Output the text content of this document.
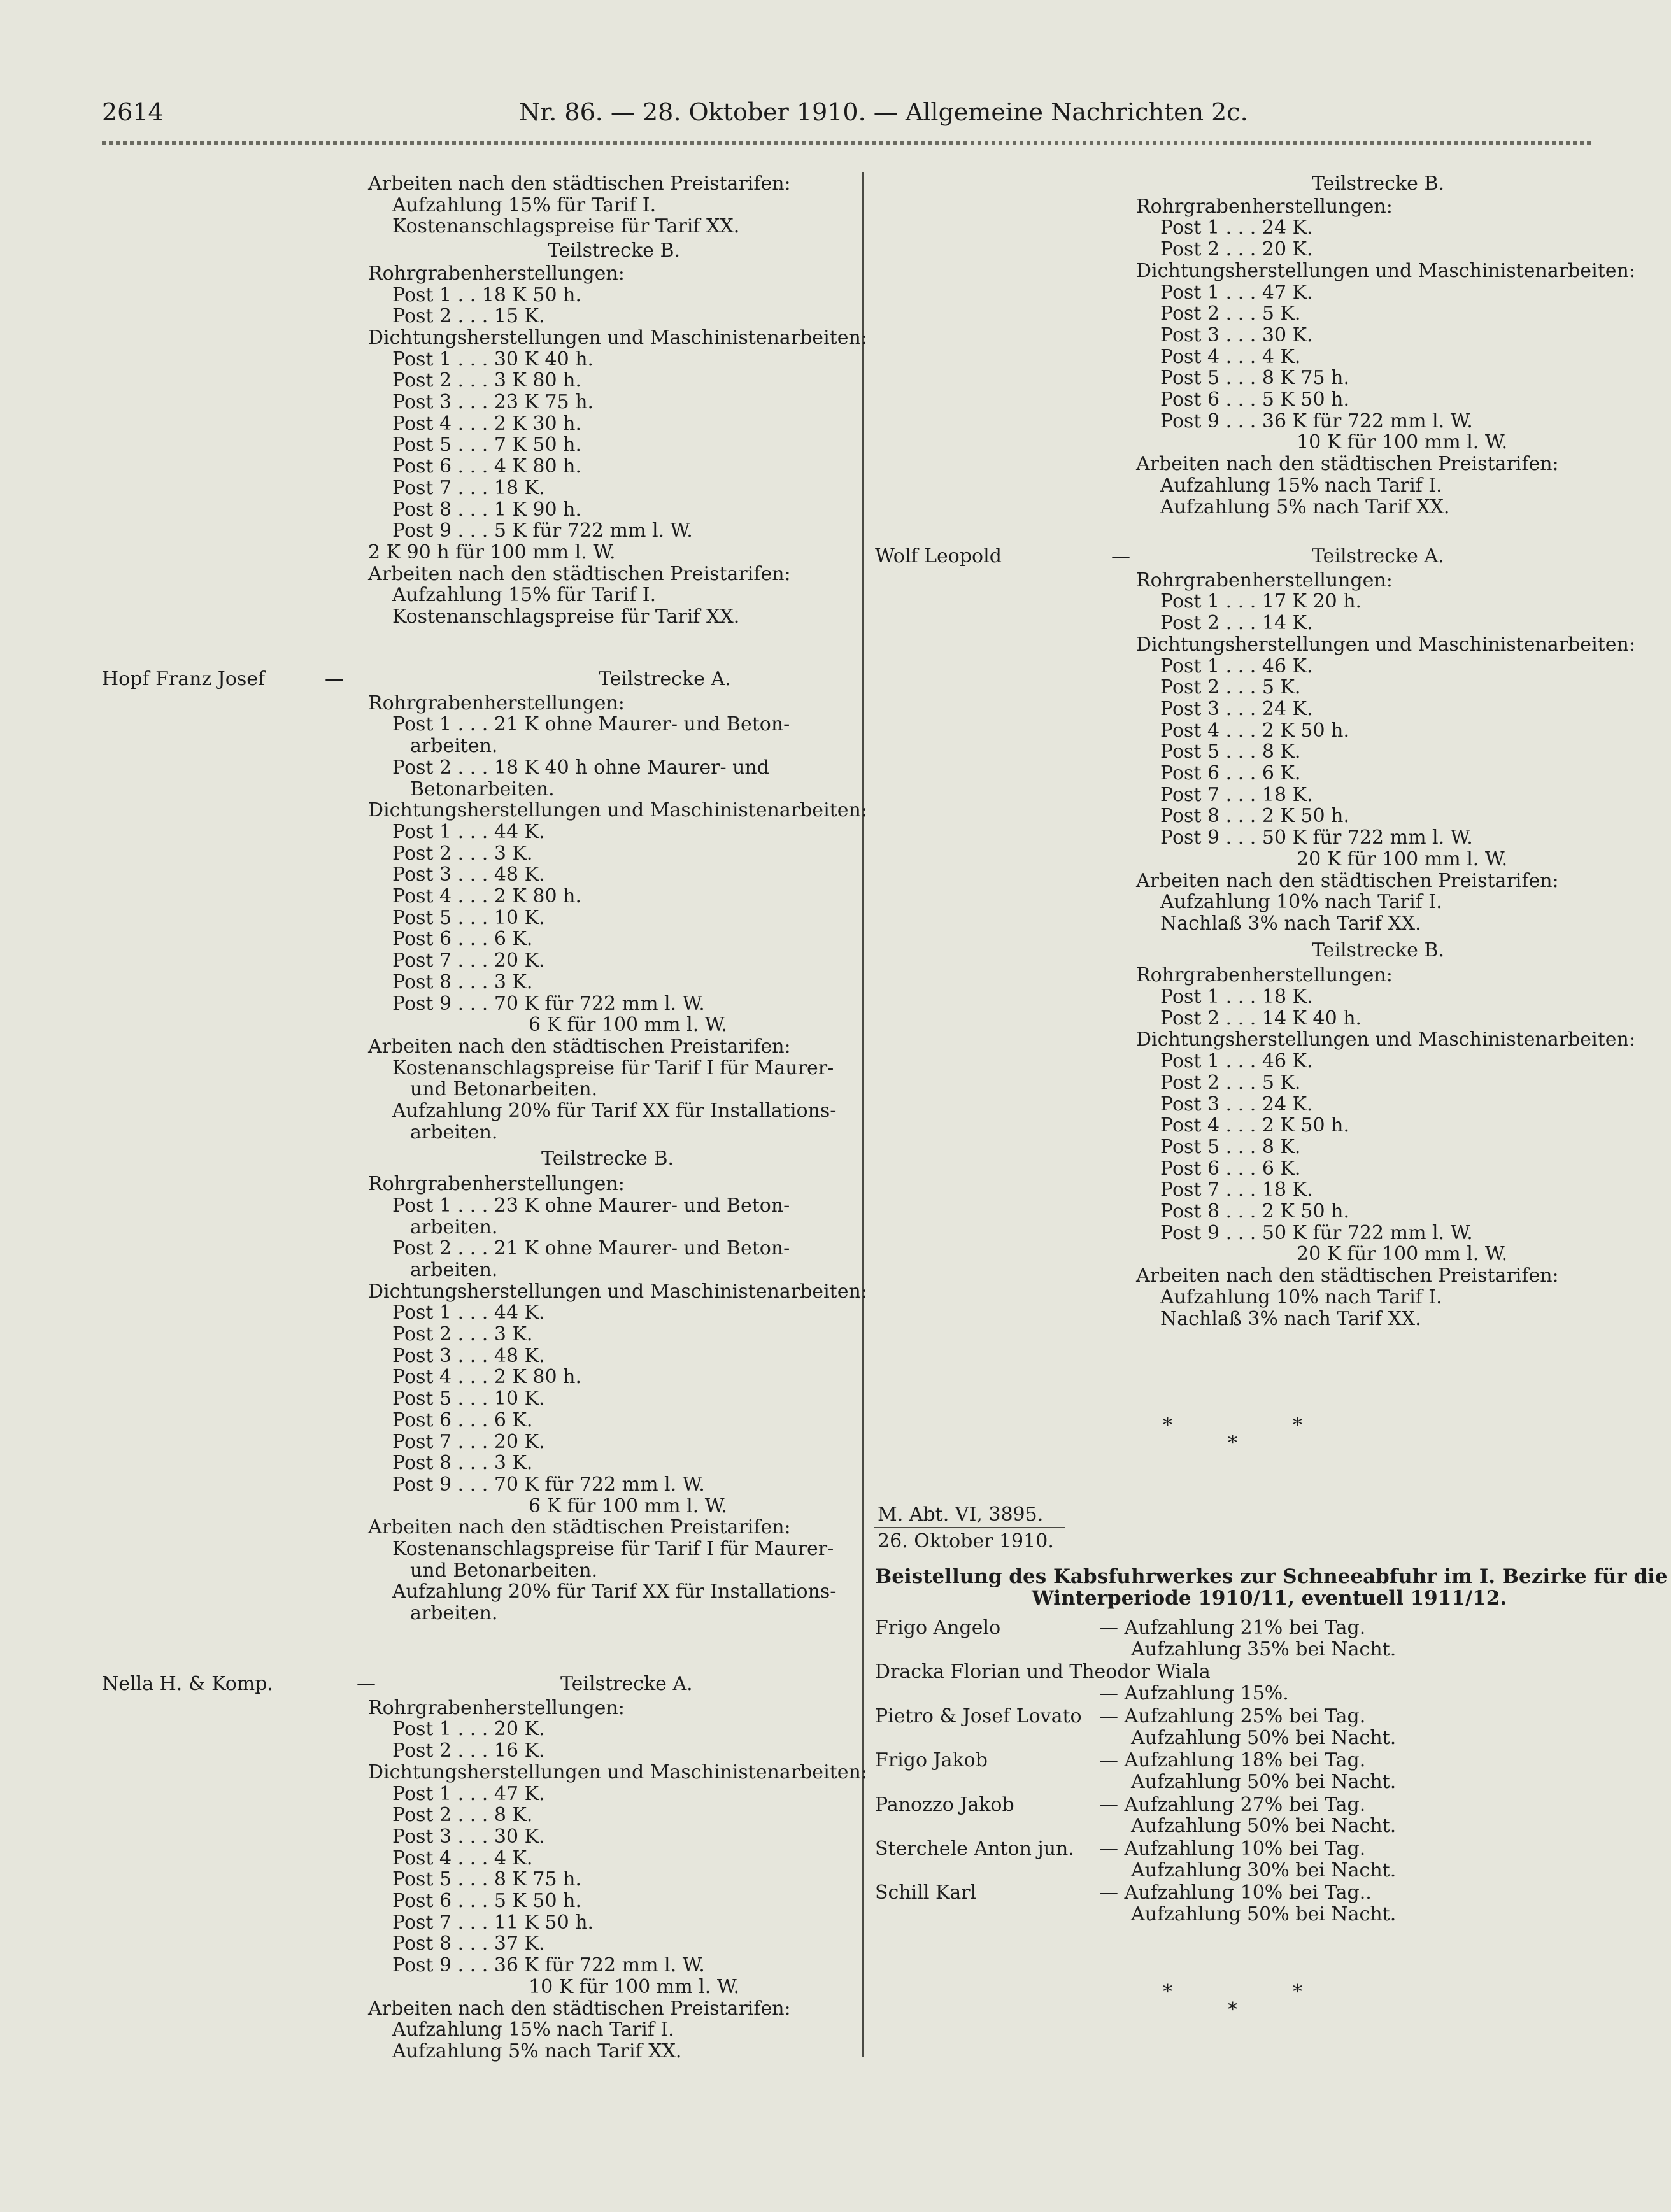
2614	Nr. 86. — 28. Oktober 1910. — Allgemeine Nachrichten 2c.
M. Abt. VI, 3895.
26. Oktober 1910.
Beistellung des Kabsfuhrwerkes zur Schneeabfuhr im I. Bezirke für die
Winterperiode 1910/11, eventuell 1911/12.
Arbeiten nach den städtischen Preistarifen:
Aufzahlung 15% für Tarif I.
Kostenanschlagspreise für Tarif XX.
Teilstrecke B.
Rohrgrabenherstellungen:
Post 1 . . 18 K 50 h.
Post 2 . . . 15 K.
Dichtungsherstellungen und Maschinistenarbeiten:
Post 1 . . . 30 K 40 h.
Post 2 . . . 3 K 80 h.
Post 3 . . . 23 K 75 h.
Post 4 . . . 2 K 30 h.
Post 5 . . . 7 K 50 h.
Post 6 . . . 4 K 80 h.
Post 7 . . . 18 K.
Post 8 . . . 1 K 90 h.
Post 9 . . . 5 K für 722 mm l. W.
2 K 90 h für 100 mm l. W.
Arbeiten nach den städtischen Preistarifen:
Aufzahlung 15% für Tarif I.
Kostenanschlagspreise für Tarif XX.
Hopf Franz Josef	—	Teilstrecke A.
Rohrgrabenherstellungen:
Post 1 . . . 21 K ohne Maurer- und Beton-
arbeiten.
Post 2 . . . 18 K 40 h ohne Maurer- und
Betonarbeiten.
Dichtungsherstellungen und Maschinistenarbeiten:
Post 1 . . . 44 K.
Post 2 . . . 3 K.
Post 3 . . . 48 K.
Post 4 . . . 2 K 80 h.
Post 5 . . . 10 K.
Post 6 . . . 6 K.
Post 7 . . . 20 K.
Post 8 . . . 3 K.
Post 9 . . . 70 K für 722 mm l. W.
6 K für 100 mm l. W.
Arbeiten nach den städtischen Preistarifen:
Kostenanschlagspreise für Tarif I für Maurer-
und Betonarbeiten.
Aufzahlung 20% für Tarif XX für Installations-
arbeiten.
Teilstrecke B.
Rohrgrabenherstellungen:
Post 1 . . . 23 K ohne Maurer- und Beton-
arbeiten.
Post 2 . . . 21 K ohne Maurer- und Beton-
arbeiten.
Dichtungsherstellungen und Maschinistenarbeiten:
Post 1 . . . 44 K.
Post 2 . . . 3 K.
Post 3 . . . 48 K.
Post 4 . . . 2 K 80 h.
Post 5 . . . 10 K.
Post 6 . . . 6 K.
Post 7 . . . 20 K.
Post 8 . . . 3 K.
Post 9 . . . 70 K für 722 mm l. W.
6 K für 100 mm l. W.
Arbeiten nach den städtischen Preistarifen:
Kostenanschlagspreise für Tarif I für Maurer-
und Betonarbeiten.
Aufzahlung 20% für Tarif XX für Installations-
arbeiten.
Nella H. & Komp.	—	Teilstrecke A.
Rohrgrabenherstellungen:
Post 1 . . . 20 K.
Post 2 . . . 16 K.
Dichtungsherstellungen und Maschinistenarbeiten:
Post 1 . . . 47 K.
Post 2 . . . 8 K.
Post 3 . . . 30 K.
Post 4 . . . 4 K.
Post 5 . . . 8 K 75 h.
Post 6 . . . 5 K 50 h.
Post 7 . . . 11 K 50 h.
Post 8 . . . 37 K.
Post 9 . . . 36 K für 722 mm l. W.
10 K für 100 mm l. W.
Arbeiten nach den städtischen Preistarifen:
Aufzahlung 15% nach Tarif I.
Aufzahlung 5% nach Tarif XX.
Teilstrecke B.
Rohrgrabenherstellungen:
Post 1 . . . 24 K.
Post 2 . . . 20 K.
Dichtungsherstellungen und Maschinistenarbeiten:
Post 1 . . . 47 K.
Post 2 . . . 5 K.
Post 3 . . . 30 K.
Post 4 . . . 4 K.
Post 5 . . . 8 K 75 h.
Post 6 . . . 5 K 50 h.
Post 9 . . . 36 K für 722 mm l. W.
10 K für 100 mm l. W.
Arbeiten nach den städtischen Preistarifen:
Aufzahlung 15% nach Tarif I.
Aufzahlung 5% nach Tarif XX.
Wolf Leopold	—	Teilstrecke A.
Rohrgrabenherstellungen:
Post 1 . . . 17 K 20 h.
Post 2 . . . 14 K.
Dichtungsherstellungen und Maschinistenarbeiten:
Post 1 . . . 46 K.
Post 2 . . . 5 K.
Post 3 . . . 24 K.
Post 4 . . . 2 K 50 h.
Post 5 . . . 8 K.
Post 6 . . . 6 K.
Post 7 . . . 18 K.
Post 8 . . . 2 K 50 h.
Post 9 . . . 50 K für 722 mm l. W.
20 K für 100 mm l. W.
Arbeiten nach den städtischen Preistarifen:
Aufzahlung 10% nach Tarif I.
Nachlaß 3% nach Tarif XX.
Teilstrecke B.
Rohrgrabenherstellungen:
Post 1 . . . 18 K.
Post 2 . . . 14 K 40 h.
Dichtungsherstellungen und Maschinistenarbeiten:
Post 1 . . . 46 K.
Post 2 . . . 5 K.
Post 3 . . . 24 K.
Post 4 . . . 2 K 50 h.
Post 5 . . . 8 K.
Post 6 . . . 6 K.
Post 7 . . . 18 K.
Post 8 . . . 2 K 50 h.
Post 9 . . . 50 K für 722 mm l. W.
20 K für 100 mm l. W.
Arbeiten nach den städtischen Preistarifen:
Aufzahlung 10% nach Tarif I.
Nachlaß 3% nach Tarif XX.
*
*
*
*
*
*
Frigo Angelo	— Aufzahlung 21% bei Tag.
Aufzahlung 35% bei Nacht.
Dracka Florian und Theodor Wiala
— Aufzahlung 15%.
Pietro & Josef Lovato — Aufzahlung 25% bei Tag.
Aufzahlung 50% bei Nacht.
Frigo Jakob	— Aufzahlung 18% bei Tag.
Aufzahlung 50% bei Nacht.
Panozzo Jakob	— Aufzahlung 27% bei Tag.
Aufzahlung 50% bei Nacht.
Sterchele Anton jun. — Aufzahlung 10% bei Tag.
Aufzahlung 30% bei Nacht.
Schill Karl	— Aufzahlung 10% bei Tag..
Aufzahlung 50% bei Nacht.
